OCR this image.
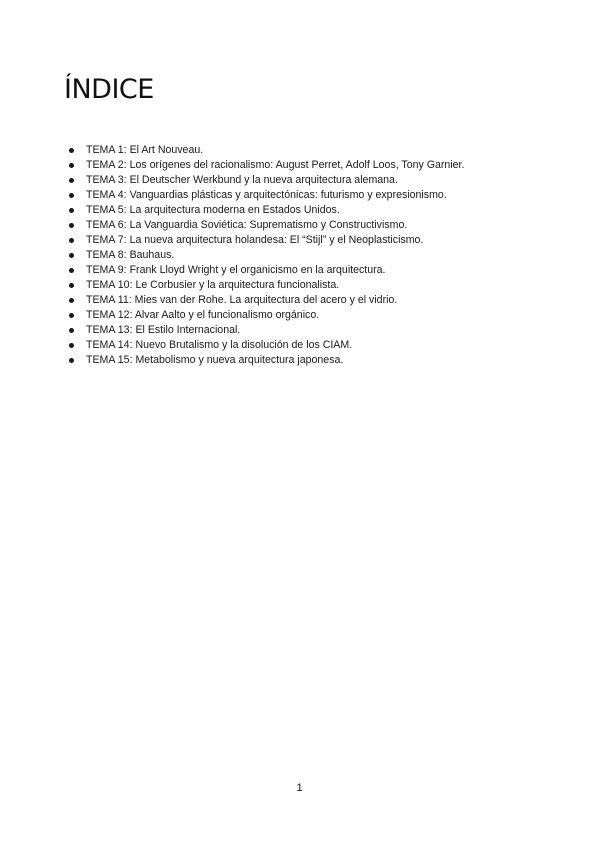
ÍNDICE
TEMA 1: El Art Nouveau.
TEMA 2: Los orígenes del racionalismo: August Perret, Adolf Loos, Tony Garnier.
TEMA 3: El Deutscher Werkbund y la nueva arquitectura alemana.
TEMA 4: Vanguardias plásticas y arquitectónicas: futurismo y expresionismo.
TEMA 5: La arquitectura moderna en Estados Unidos.
TEMA 6: La Vanguardia Soviética: Suprematismo y Constructivismo.
TEMA 7: La nueva arquitectura holandesa: El “Stijl” y el Neoplasticismo.
TEMA 8: Bauhaus.
TEMA 9: Frank Lloyd Wright y el organicismo en la arquitectura.
TEMA 10: Le Corbusier y la arquitectura funcionalista.
TEMA 11: Mies van der Rohe. La arquitectura del acero y el vidrio.
TEMA 12: Alvar Aalto y el funcionalismo orgánico.
TEMA 13: El Estilo Internacional.
TEMA 14: Nuevo Brutalismo y la disolución de los CIAM.
TEMA 15: Metabolismo y nueva arquitectura japonesa.
1
